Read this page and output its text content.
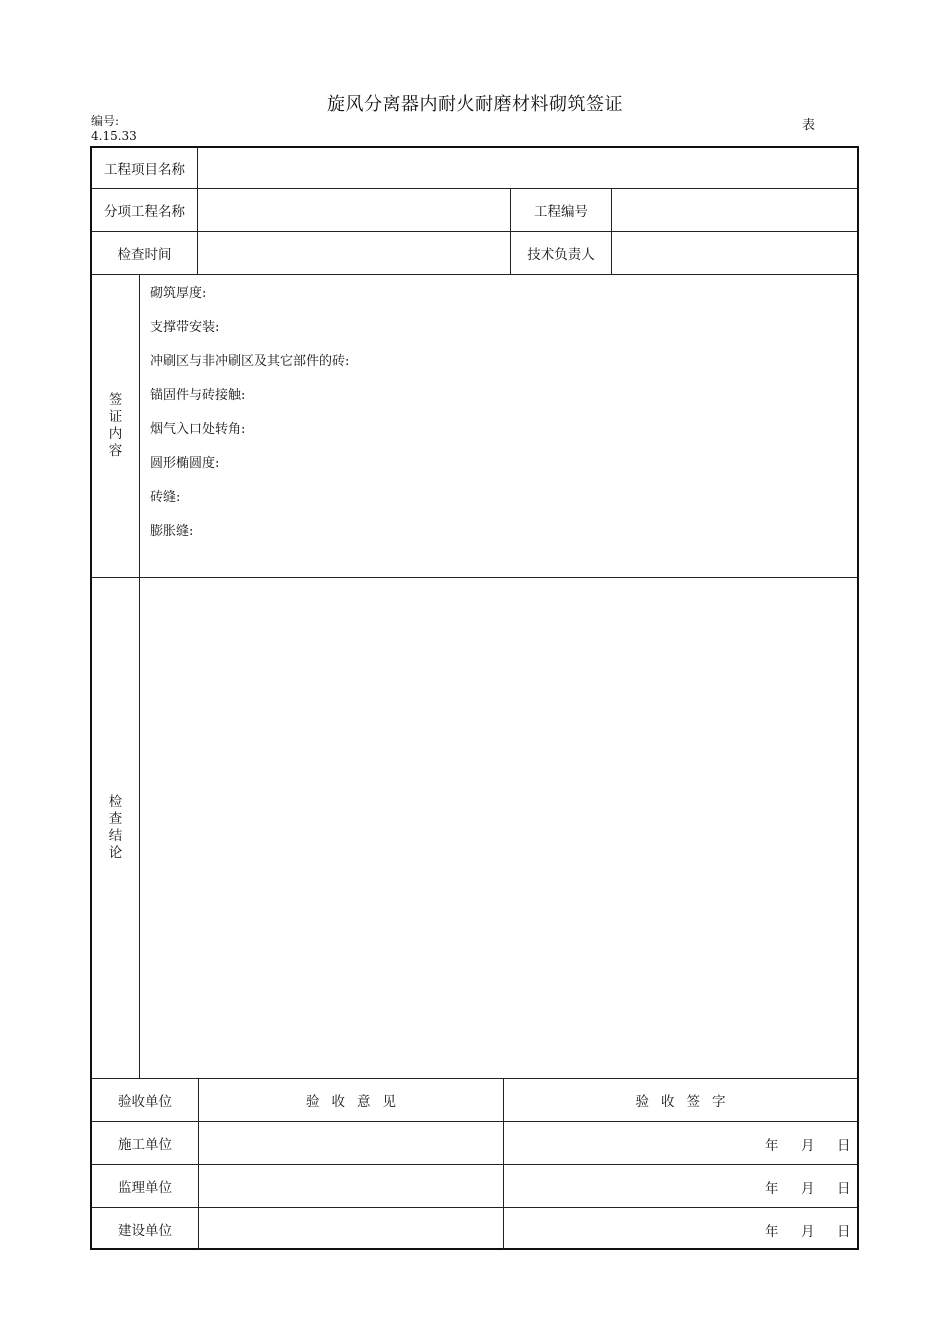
旋风分离器内耐火耐磨材料砌筑签证
编号:
4.15.33
表
工程项目名称
分项工程名称	工程编号
检查时间	技术负责人
签
证
内
容
砌筑厚度:
支撑带安装:
冲刷区与非冲刷区及其它部件的砖:
锚固件与砖接触:
烟气入口处转角:
圆形椭圆度:
砖缝:
膨胀缝:
检
查
结
论
验收单位	验收意见	验收签字
施工单位	年 月 日
监理单位	年 月 日
建设单位	年 月 日
